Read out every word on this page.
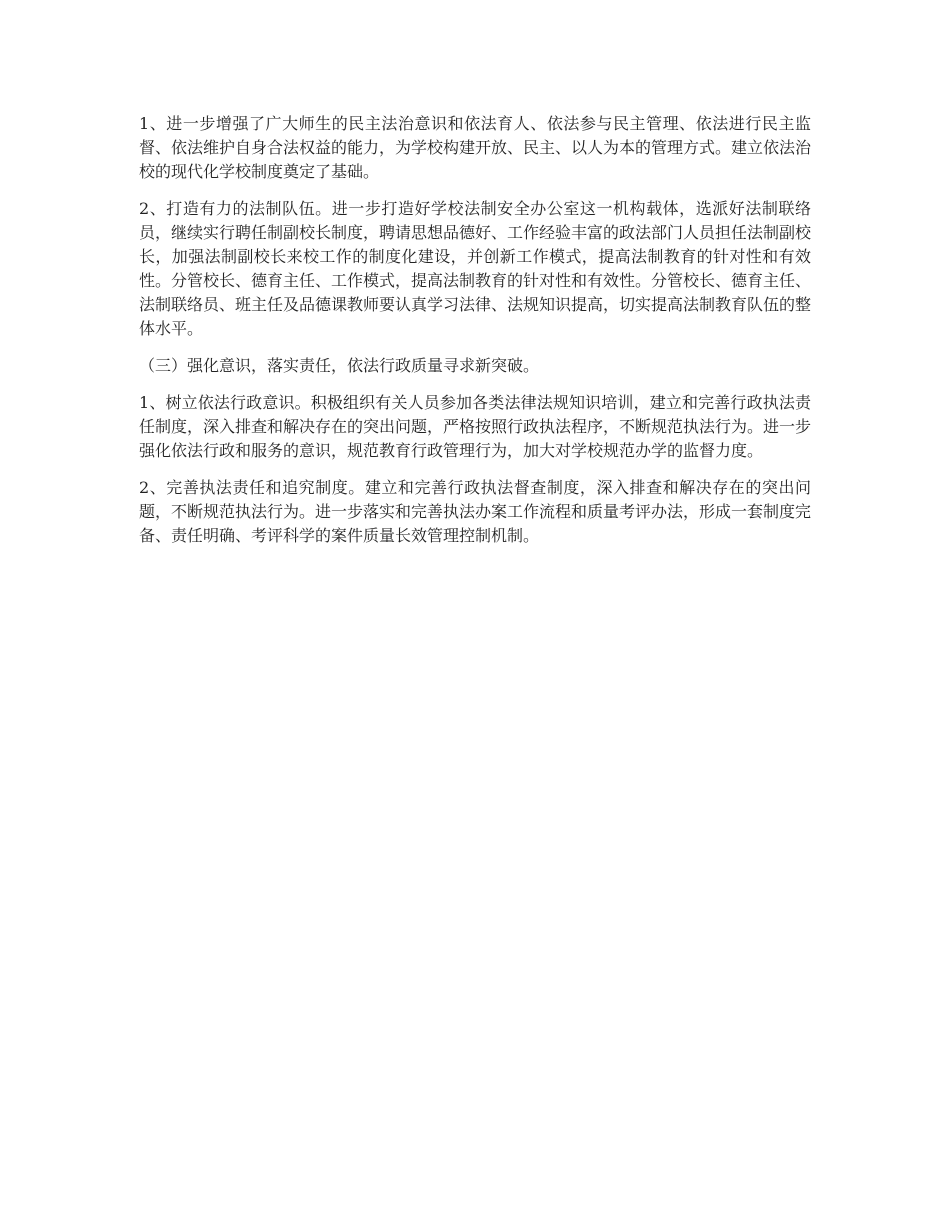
1、进一步增强了广大师生的民主法治意识和依法育人、依法参与民主管理、依法进行民主监督、依法维护自身合法权益的能力，为学校构建开放、民主、以人为本的管理方式。建立依法治校的现代化学校制度奠定了基础。

2、打造有力的法制队伍。进一步打造好学校法制安全办公室这一机构载体，选派好法制联络员，继续实行聘任制副校长制度，聘请思想品德好、工作经验丰富的政法部门人员担任法制副校长，加强法制副校长来校工作的制度化建设，并创新工作模式，提高法制教育的针对性和有效性。分管校长、德育主任、工作模式，提高法制教育的针对性和有效性。分管校长、德育主任、法制联络员、班主任及品德课教师要认真学习法律、法规知识提高，切实提高法制教育队伍的整体水平。

（三）强化意识，落实责任，依法行政质量寻求新突破。

1、树立依法行政意识。积极组织有关人员参加各类法律法规知识培训，建立和完善行政执法责任制度，深入排查和解决存在的突出问题，严格按照行政执法程序，不断规范执法行为。进一步强化依法行政和服务的意识，规范教育行政管理行为，加大对学校规范办学的监督力度。

2、完善执法责任和追究制度。建立和完善行政执法督查制度，深入排查和解决存在的突出问题，不断规范执法行为。进一步落实和完善执法办案工作流程和质量考评办法，形成一套制度完备、责任明确、考评科学的案件质量长效管理控制机制。
